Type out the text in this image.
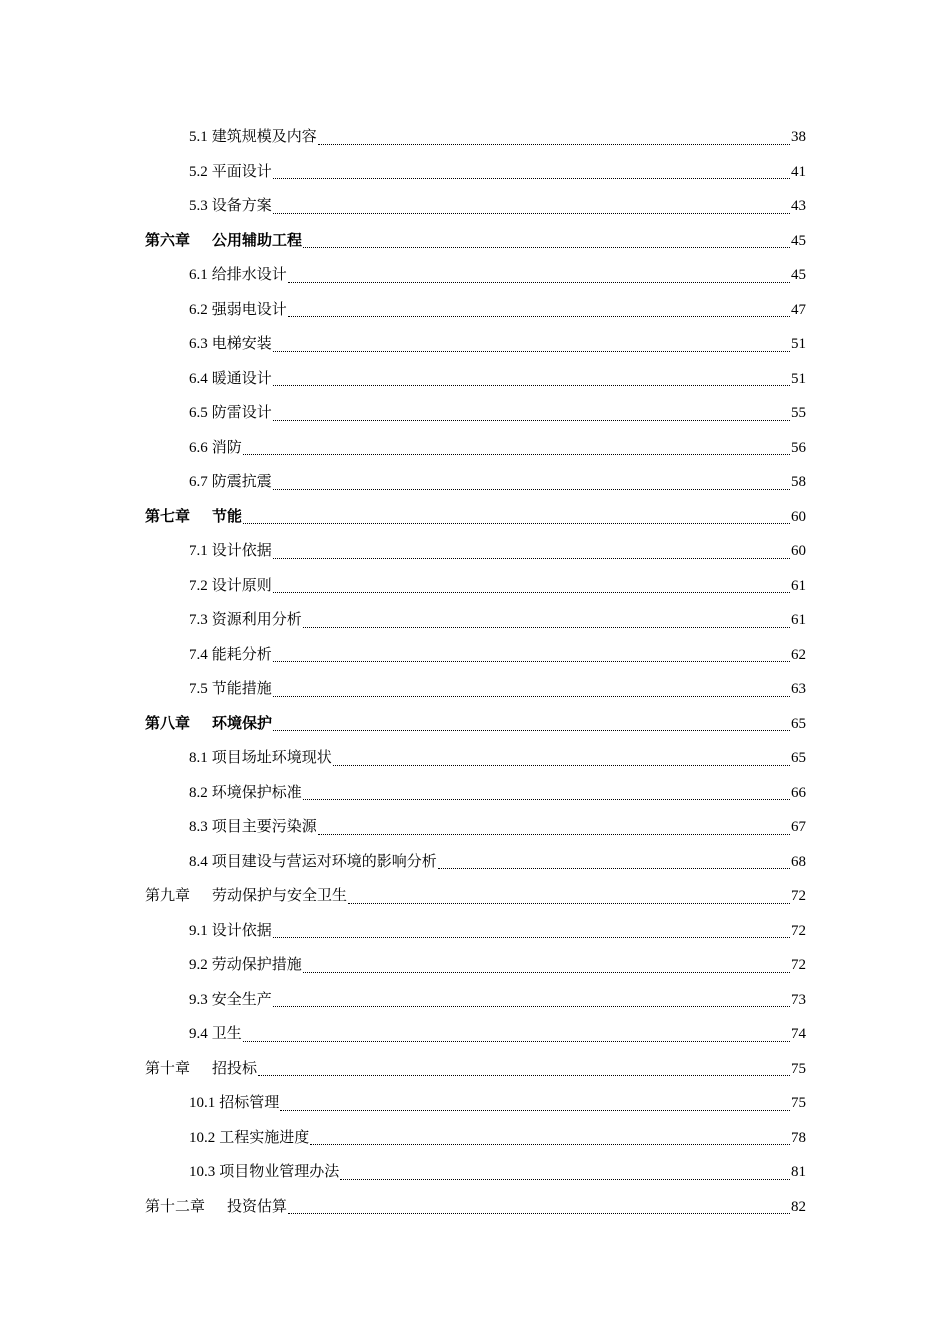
5.1 建筑规模及内容	38
5.2 平面设计	41
5.3 设备方案	43
第六章 公用辅助工程	45
6.1 给排水设计	45
6.2 强弱电设计	47
6.3 电梯安装	51
6.4 暖通设计	51
6.5 防雷设计	55
6.6 消防	56
6.7 防震抗震	58
第七章 节能	60
7.1 设计依据	60
7.2 设计原则	61
7.3 资源利用分析	61
7.4 能耗分析	62
7.5 节能措施	63
第八章 环境保护	65
8.1 项目场址环境现状	65
8.2 环境保护标准	66
8.3 项目主要污染源	67
8.4 项目建设与营运对环境的影响分析	68
第九章 劳动保护与安全卫生	72
9.1 设计依据	72
9.2 劳动保护措施	72
9.3 安全生产	73
9.4 卫生	74
第十章 招投标	75
10.1 招标管理	75
10.2 工程实施进度	78
10.3 项目物业管理办法	81
第十二章 投资估算	82
